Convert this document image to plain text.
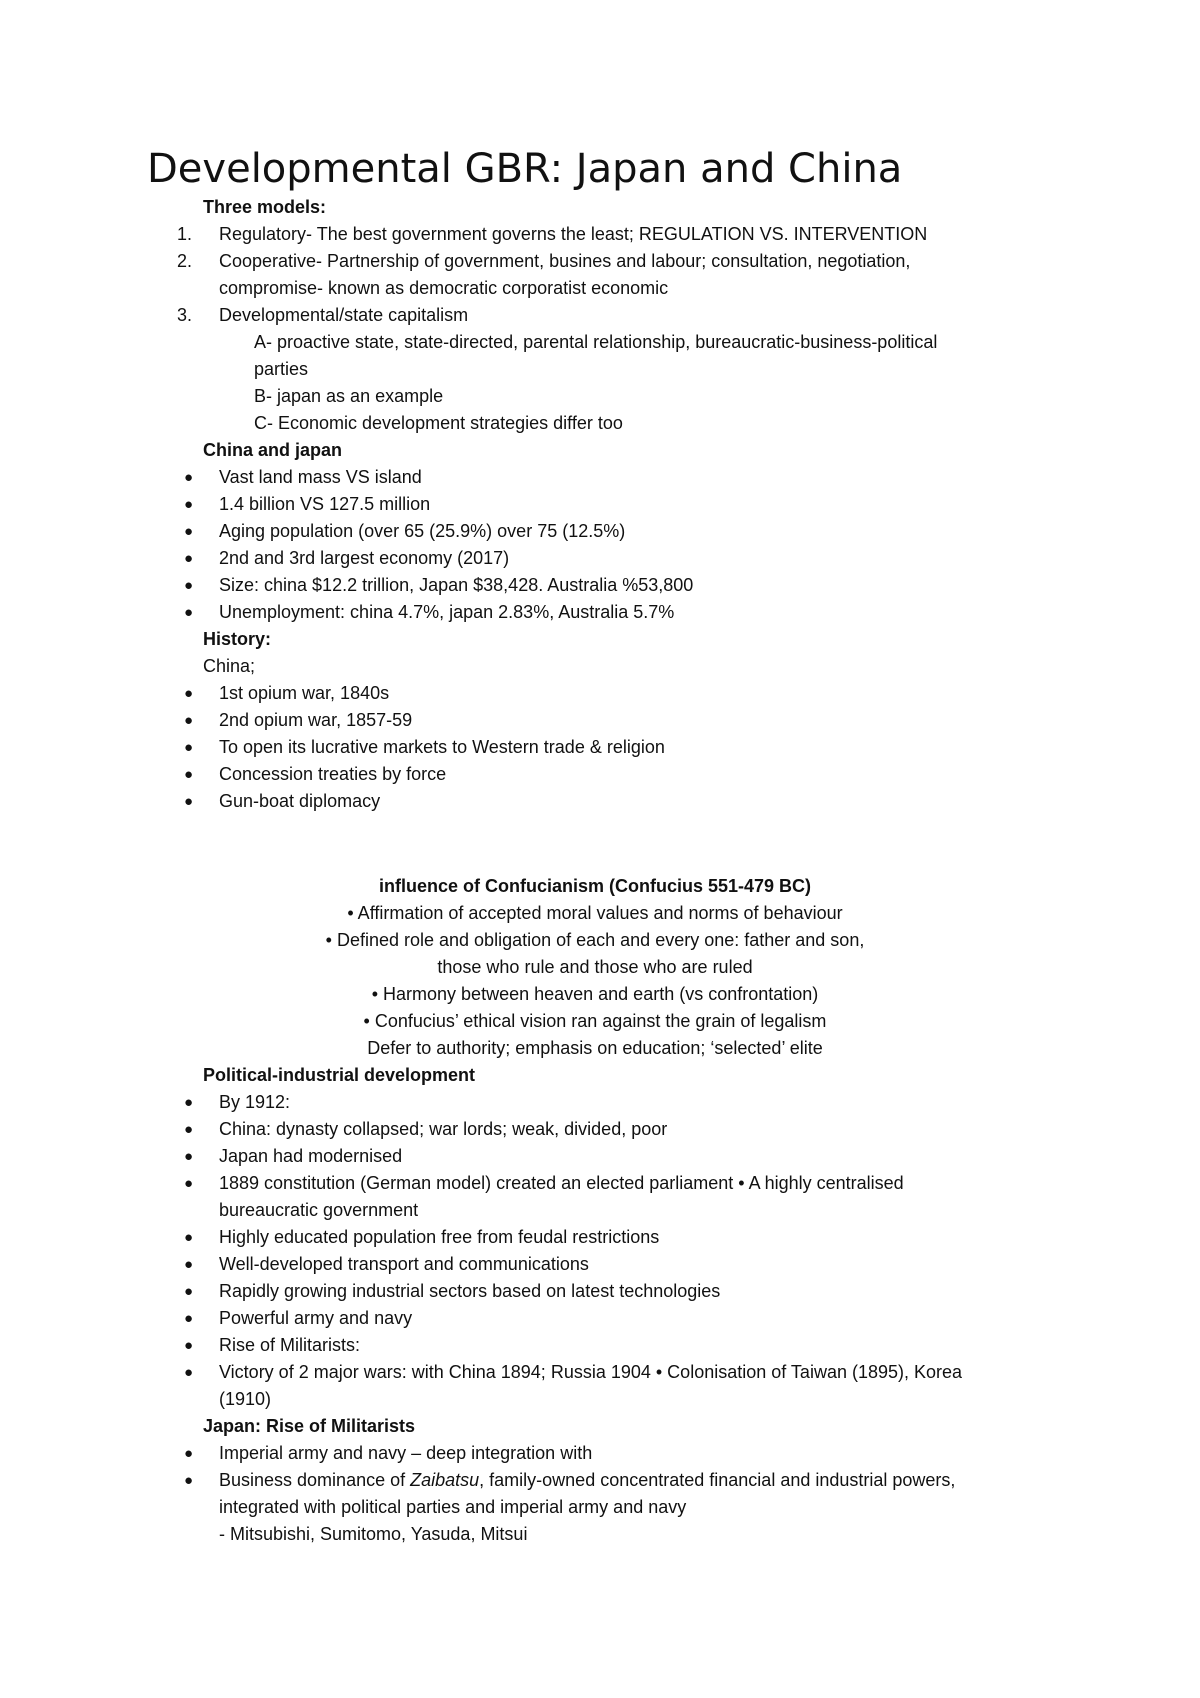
Developmental GBR: Japan and China
Three models:
1. Regulatory- The best government governs the least; REGULATION VS. INTERVENTION
2. Cooperative- Partnership of government, busines and labour; consultation, negotiation,
compromise- known as democratic corporatist economic
3. Developmental/state capitalism
A- proactive state, state-directed, parental relationship, bureaucratic-business-political
parties
B- japan as an example
C- Economic development strategies differ too
China and japan
● Vast land mass VS island
● 1.4 billion VS 127.5 million
● Aging population (over 65 (25.9%) over 75 (12.5%)
● 2nd and 3rd largest economy (2017)
● Size: china $12.2 trillion, Japan $38,428. Australia %53,800
● Unemployment: china 4.7%, japan 2.83%, Australia 5.7%
History:
China;
● 1st opium war, 1840s
● 2nd opium war, 1857-59
● To open its lucrative markets to Western trade & religion
● Concession treaties by force
● Gun-boat diplomacy
influence of Confucianism (Confucius 551-479 BC)
• Affirmation of accepted moral values and norms of behaviour
• Defined role and obligation of each and every one: father and son,
those who rule and those who are ruled
• Harmony between heaven and earth (vs confrontation)
• Confucius’ ethical vision ran against the grain of legalism
Defer to authority; emphasis on education; ‘selected’ elite
Political-industrial development
● By 1912:
● China: dynasty collapsed; war lords; weak, divided, poor
● Japan had modernised
● 1889 constitution (German model) created an elected parliament • A highly centralised
bureaucratic government
● Highly educated population free from feudal restrictions
● Well-developed transport and communications
● Rapidly growing industrial sectors based on latest technologies
● Powerful army and navy
● Rise of Militarists:
● Victory of 2 major wars: with China 1894; Russia 1904 • Colonisation of Taiwan (1895), Korea
(1910)
Japan: Rise of Militarists
● Imperial army and navy – deep integration with
● Business dominance of Zaibatsu, family-owned concentrated financial and industrial powers,
integrated with political parties and imperial army and navy
- Mitsubishi, Sumitomo, Yasuda, Mitsui
